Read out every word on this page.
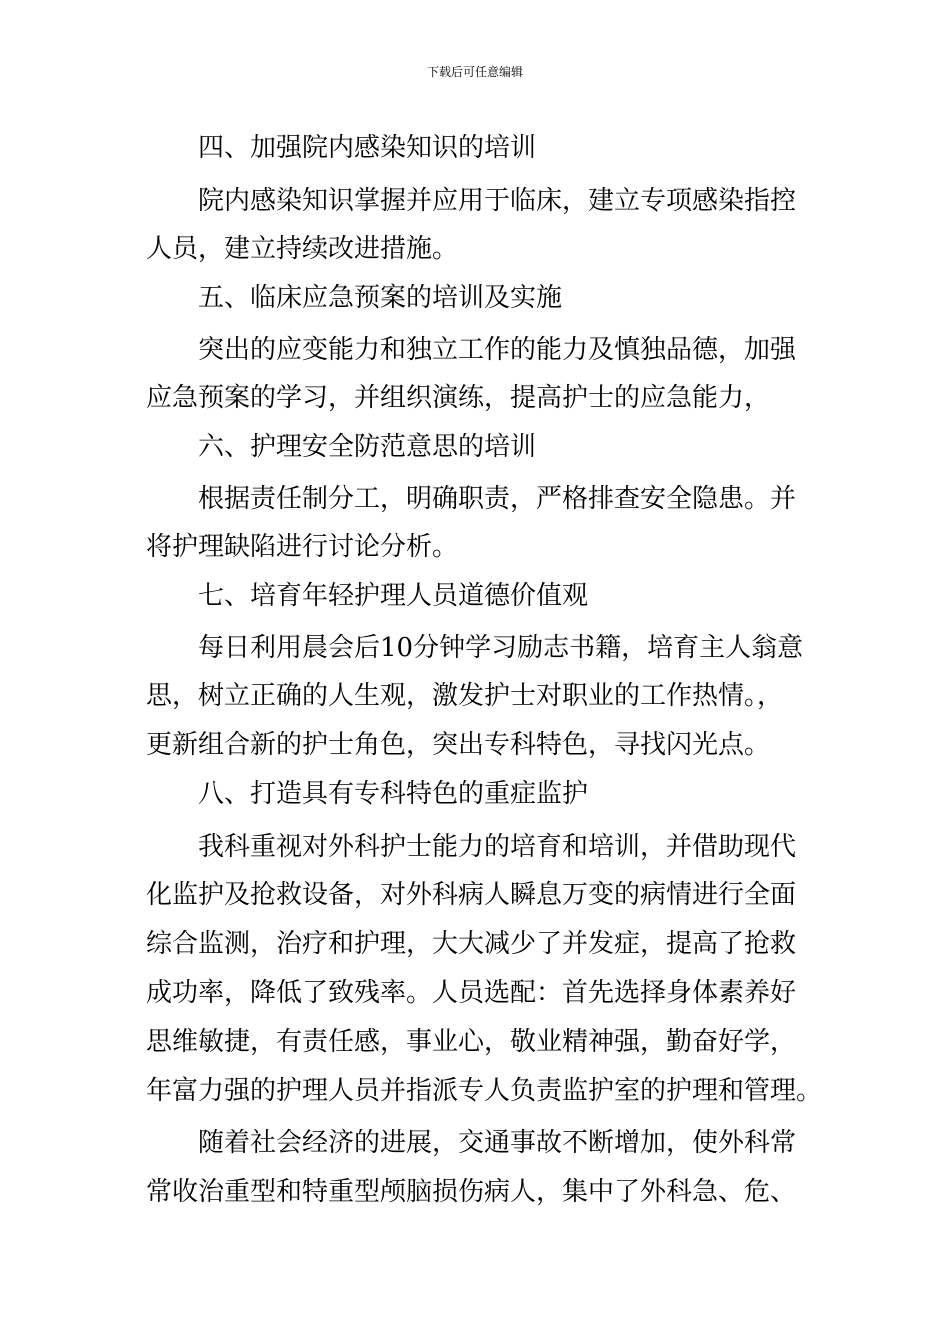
下载后可任意编辑
四、加强院内感染知识的培训
院内感染知识掌握并应用于临床，建立专项感染指控
人员，建立持续改进措施。
五、临床应急预案的培训及实施
突出的应变能力和独立工作的能力及慎独品德，加强
应急预案的学习，并组织演练，提高护士的应急能力，
六、护理安全防范意思的培训
根据责任制分工，明确职责，严格排查安全隐患。并
将护理缺陷进行讨论分析。
七、培育年轻护理人员道德价值观
每日利用晨会后10分钟学习励志书籍，培育主人翁意
思，树立正确的人生观，激发护士对职业的工作热情。，
更新组合新的护士角色，突出专科特色，寻找闪光点。
八、打造具有专科特色的重症监护
我科重视对外科护士能力的培育和培训，并借助现代
化监护及抢救设备，对外科病人瞬息万变的病情进行全面
综合监测，治疗和护理，大大减少了并发症，提高了抢救
成功率，降低了致残率。人员选配：首先选择身体素养好
思维敏捷，有责任感，事业心，敬业精神强，勤奋好学，
年富力强的护理人员并指派专人负责监护室的护理和管理。
随着社会经济的进展，交通事故不断增加，使外科常
常收治重型和特重型颅脑损伤病人，集中了外科急、危、
